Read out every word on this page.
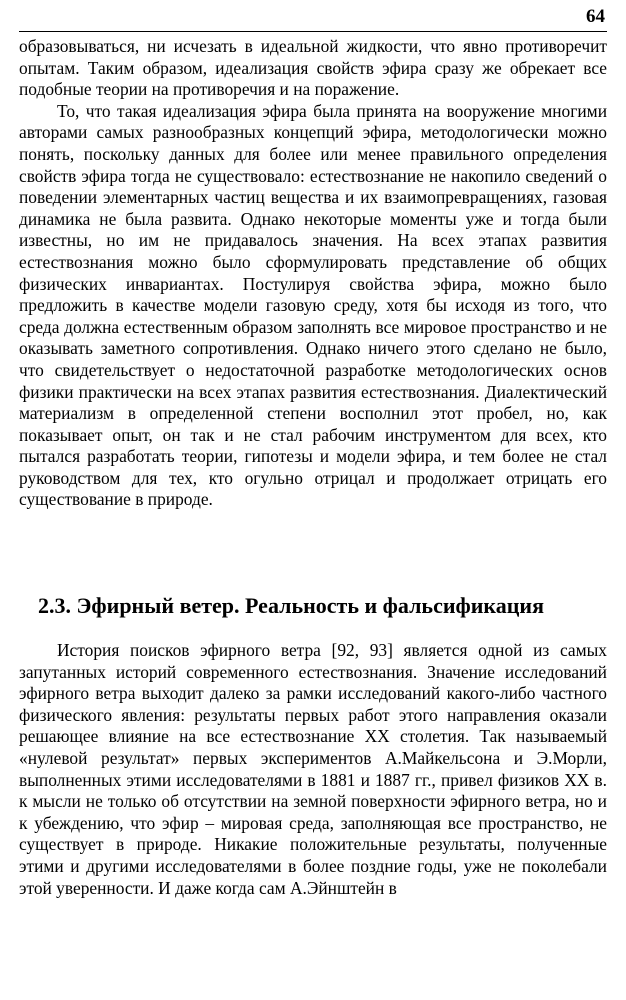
64

образовываться, ни исчезать в идеальной жидкости, что явно противоречит опытам. Таким образом, идеализация свойств эфира сразу же обрекает все подобные теории на противоречия и на поражение.

То, что такая идеализация эфира была принята на вооружение многими авторами самых разнообразных концепций эфира, методологически можно понять, поскольку данных для более или менее правильного определения свойств эфира тогда не существовало: естествознание не накопило сведений о поведении элементарных частиц вещества и их взаимопревращениях, газовая динамика не была развита. Однако некоторые моменты уже и тогда были известны, но им не придавалось значения. На всех этапах развития естествознания можно было сформулировать представление об общих физических инвариантах. Постулируя свойства эфира, можно было предложить в качестве модели газовую среду, хотя бы исходя из того, что среда должна естественным образом заполнять все мировое пространство и не оказывать заметного сопротивления. Однако ничего этого сделано не было, что свидетельствует о недостаточной разработке методологических основ физики практически на всех этапах развития естествознания. Диалектический материализм в определенной степени восполнил этот пробел, но, как показывает опыт, он так и не стал рабочим инструментом для всех, кто пытался разработать теории, гипотезы и модели эфира, и тем более не стал руководством для тех, кто огульно отрицал и продолжает отрицать его существование в природе.

2.3. Эфирный ветер. Реальность и фальсификация

История поисков эфирного ветра [92, 93] является одной из самых запутанных историй современного естествознания. Значение исследований эфирного ветра выходит далеко за рамки исследований какого-либо частного физического явления: результаты первых работ этого направления оказали решающее влияние на все естествознание XX столетия. Так называемый «нулевой результат» первых экспериментов А.Майкельсона и Э.Морли, выполненных этими исследователями в 1881 и 1887 гг., привел физиков XX в. к мысли не только об отсутствии на земной поверхности эфирного ветра, но и к убеждению, что эфир – мировая среда, заполняющая все пространство, не существует в природе. Никакие положительные результаты, полученные этими и другими исследователями в более поздние годы, уже не поколебали этой уверенности. И даже когда сам А.Эйнштейн в
